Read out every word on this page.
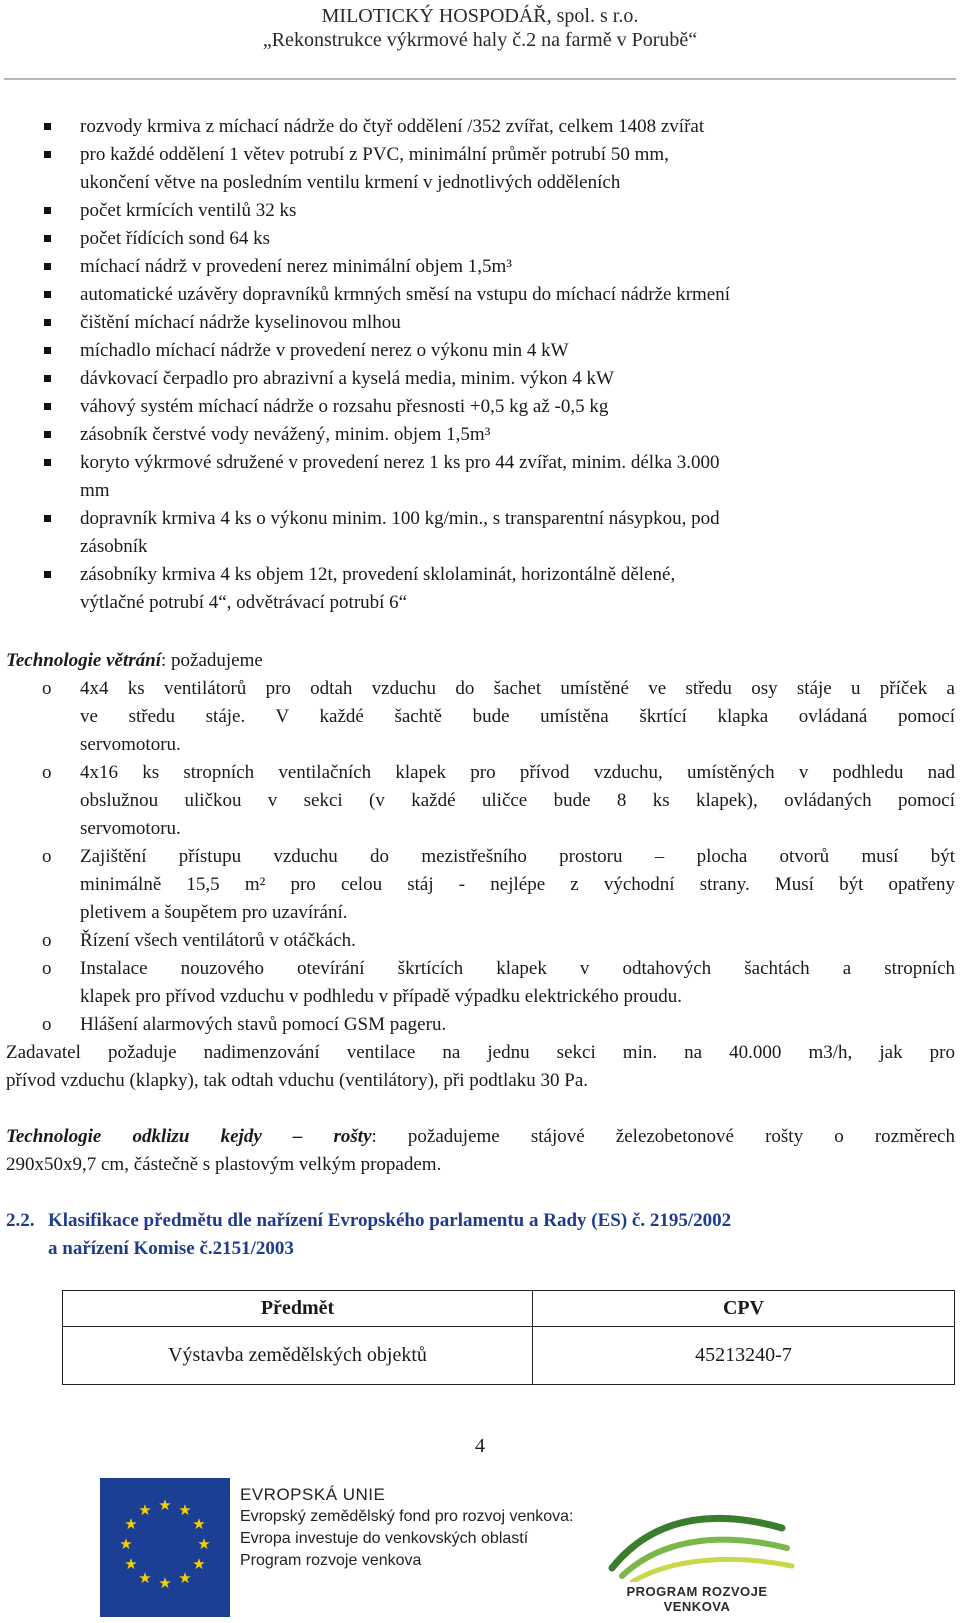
MILOTICKÝ HOSPODÁŘ, spol. s r.o.
„Rekonstrukce výkrmové haly č.2 na farmě v Porubě“
rozvody krmiva z míchací nádrže do čtyř oddělení /352 zvířat, celkem 1408 zvířat
pro každé oddělení 1 větev potrubí z PVC, minimální průměr potrubí 50 mm,
ukončení větve na posledním ventilu krmení v jednotlivých odděleních
počet krmících ventilů 32 ks
počet řídících sond 64 ks
míchací nádrž v provedení nerez minimální objem 1,5m³
automatické uzávěry dopravníků krmných směsí na vstupu do míchací nádrže krmení
čištění míchací nádrže kyselinovou mlhou
míchadlo míchací nádrže v provedení nerez o výkonu min 4 kW
dávkovací čerpadlo pro abrazivní a kyselá media, minim. výkon 4 kW
váhový systém míchací nádrže o rozsahu přesnosti +0,5 kg až -0,5 kg
zásobník čerstvé vody nevážený, minim. objem 1,5m³
koryto výkrmové sdružené v provedení nerez 1 ks pro 44 zvířat, minim. délka 3.000
mm
dopravník krmiva 4 ks o výkonu minim. 100 kg/min., s transparentní násypkou, pod
zásobník
zásobníky krmiva 4 ks objem 12t, provedení sklolaminát, horizontálně dělené,
výtlačné potrubí 4“, odvětrávací potrubí 6“
Technologie větrání: požadujeme
o 4x4 ks ventilátorů pro odtah vzduchu do šachet umístěné ve středu osy stáje u příček a
ve středu stáje. V každé šachtě bude umístěna škrtící klapka ovládaná pomocí
servomotoru.
o 4x16 ks stropních ventilačních klapek pro přívod vzduchu, umístěných v podhledu nad
obslužnou uličkou v sekci (v každé uličce bude 8 ks klapek), ovládaných pomocí
servomotoru.
o Zajištění přístupu vzduchu do mezistřešního prostoru – plocha otvorů musí být
minimálně 15,5 m² pro celou stáj - nejlépe z východní strany. Musí být opatřeny
pletivem a šoupětem pro uzavírání.
o Řízení všech ventilátorů v otáčkách.
o Instalace nouzového otevírání škrtících klapek v odtahových šachtách a stropních
klapek pro přívod vzduchu v podhledu v případě výpadku elektrického proudu.
o Hlášení alarmových stavů pomocí GSM pageru.
Zadavatel požaduje nadimenzování ventilace na jednu sekci min. na 40.000 m3/h, jak pro
přívod vzduchu (klapky), tak odtah vduchu (ventilátory), při podtlaku 30 Pa.
Technologie odklizu kejdy – rošty: požadujeme stájové železobetonové rošty o rozměrech
290x50x9,7 cm, částečně s plastovým velkým propadem.
2.2. Klasifikace předmětu dle nařízení Evropského parlamentu a Rady (ES) č. 2195/2002
a nařízení Komise č.2151/2003
Předmět	CPV
Výstavba zemědělských objektů	45213240-7
4
★ ★
★
★
★
★
★
★
★
★
★
★
EVROPSKÁ UNIE
Evropský zemědělský fond pro rozvoj venkova:
Evropa investuje do venkovských oblastí
Program rozvoje venkova
PROGRAM ROZVOJE VENKOVA
